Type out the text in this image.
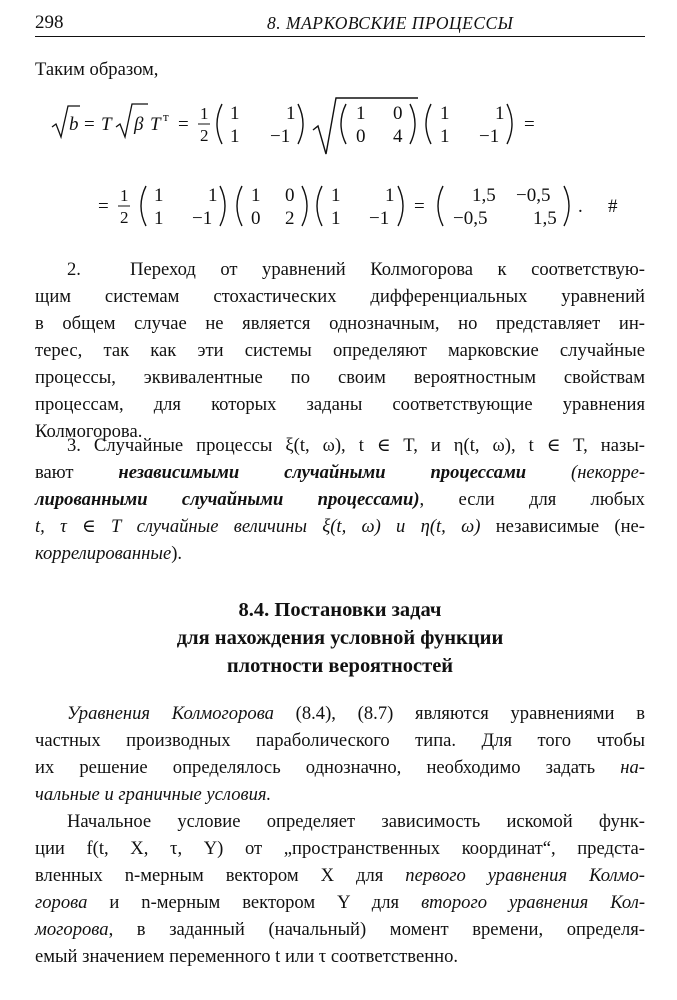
298	8. МАРКОВСКИЕ ПРОЦЕССЫ
Таким образом,
b = T β T т =
1
2
1 1
1 −1
1 0
0 4
1 1
1 −1
=
=
1
2
1 1
1 −1
1 0
0 2
1 1
1 −1
=
1,5 −0,5
−0,5 1,5
. #
2.  Переход от уравнений Колмогорова к соответствую-
щим системам стохастических дифференциальных уравнений
в общем случае не является однозначным, но представляет ин-
терес, так как эти системы определяют марковские случайные
процессы, эквивалентные по своим вероятностным свойствам
процессам, для которых заданы соответствующие уравнения
Колмогорова.
3. Случайные процессы ξ(t, ω), t ∈ T, и η(t, ω), t ∈ T, назы-
вают независимыми случайными процессами (некорре-
лированными случайными процессами), если для любых
t, τ ∈ T случайные величины ξ(t, ω) и η(t, ω) независимые (не-
коррелированные).
8.4. Постановки задач
для нахождения условной функции
плотности вероятностей
Уравнения Колмогорова (8.4), (8.7) являются уравнениями в
частных производных параболического типа. Для того чтобы
их решение определялось однозначно, необходимо задать на-
чальные и граничные условия.
Начальное условие определяет зависимость искомой функ-
ции f(t, X, τ, Y) от „пространственных координат“, предста-
вленных n-мерным вектором X для первого уравнения Колмо-
горова и n-мерным вектором Y для второго уравнения Кол-
могорова, в заданный (начальный) момент времени, определя-
емый значением переменного t или τ соответственно.
